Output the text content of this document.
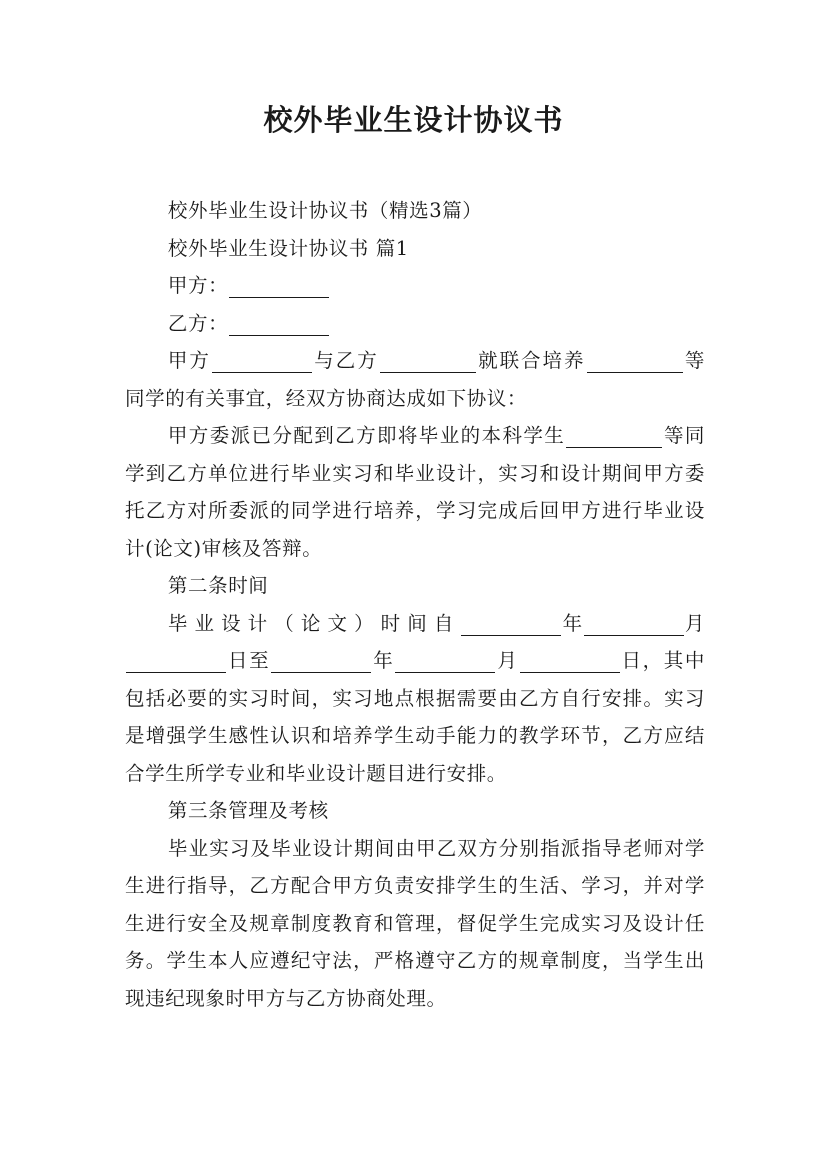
校外毕业生设计协议书

校外毕业生设计协议书（精选3篇）

校外毕业生设计协议书 篇1

甲方：

乙方：

甲方	与乙方	就联合培养	等同学的有关事宜，经双方协商达成如下协议：

甲方委派已分配到乙方即将毕业的本科学生	等同学到乙方单位进行毕业实习和毕业设计，实习和设计期间甲方委托乙方对所委派的同学进行培养，学习完成后回甲方进行毕业设计(论文)审核及答辩。

第二条时间

毕业设计（论文）时间自	年	月日至	年	月	日，其中包括必要的实习时间，实习地点根据需要由乙方自行安排。实习是增强学生感性认识和培养学生动手能力的教学环节，乙方应结合学生所学专业和毕业设计题目进行安排。

第三条管理及考核

毕业实习及毕业设计期间由甲乙双方分别指派指导老师对学生进行指导，乙方配合甲方负责安排学生的生活、学习，并对学生进行安全及规章制度教育和管理，督促学生完成实习及设计任务。学生本人应遵纪守法，严格遵守乙方的规章制度，当学生出现违纪现象时甲方与乙方协商处理。
